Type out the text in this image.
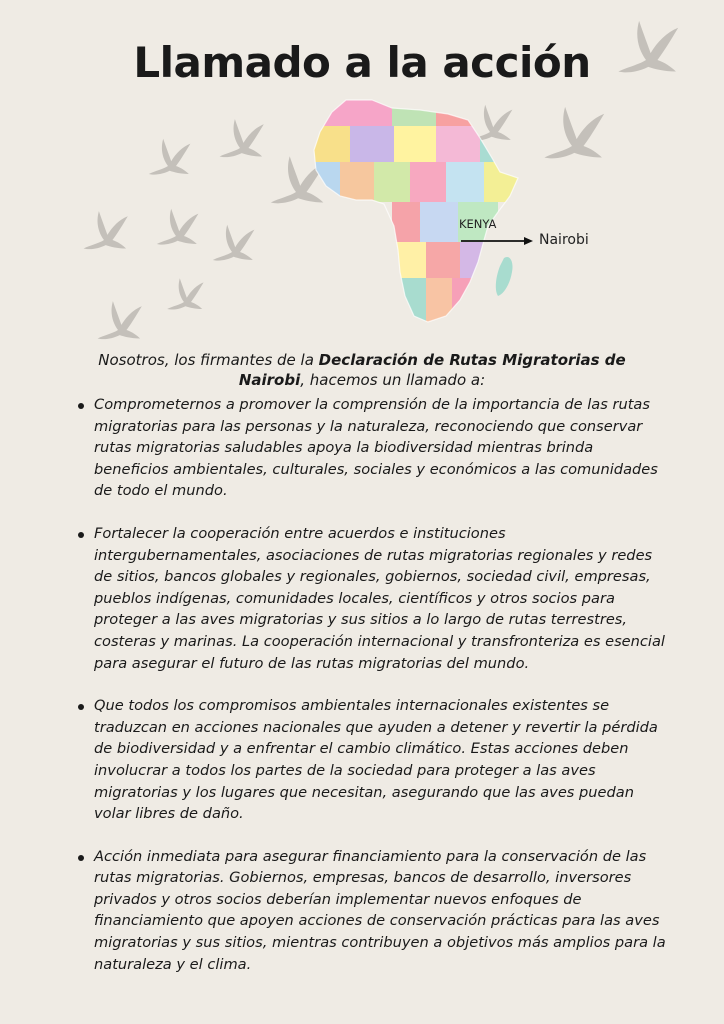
Llamado a la acción
KENYA
Nairobi

Nosotros, los firmantes de la Declaración de Rutas Migratorias de Nairobi, hacemos un llamado a:

Comprometernos a promover la comprensión de la importancia de las rutas migratorias para las personas y la naturaleza, reconociendo que conservar rutas migratorias saludables apoya la biodiversidad mientras brinda beneficios ambientales, culturales, sociales y económicos a las comunidades de todo el mundo.
Fortalecer la cooperación entre acuerdos e instituciones intergubernamentales, asociaciones de rutas migratorias regionales y redes de sitios, bancos globales y regionales, gobiernos, sociedad civil, empresas, pueblos indígenas, comunidades locales, científicos y otros socios para proteger a las aves migratorias y sus sitios a lo largo de rutas terrestres, costeras y marinas. La cooperación internacional y transfronteriza es esencial para asegurar el futuro de las rutas migratorias del mundo.
Que todos los compromisos ambientales internacionales existentes se traduzcan en acciones nacionales que ayuden a detener y revertir la pérdida de biodiversidad y a enfrentar el cambio climático. Estas acciones deben involucrar a todos los partes de la sociedad para proteger a las aves migratorias y los lugares que necesitan, asegurando que las aves puedan volar libres de daño.
Acción inmediata para asegurar financiamiento para la conservación de las rutas migratorias. Gobiernos, empresas, bancos de desarrollo, inversores privados y otros socios deberían implementar nuevos enfoques de financiamiento que apoyen acciones de conservación prácticas para las aves migratorias y sus sitios, mientras contribuyen a objetivos más amplios para la naturaleza y el clima.
